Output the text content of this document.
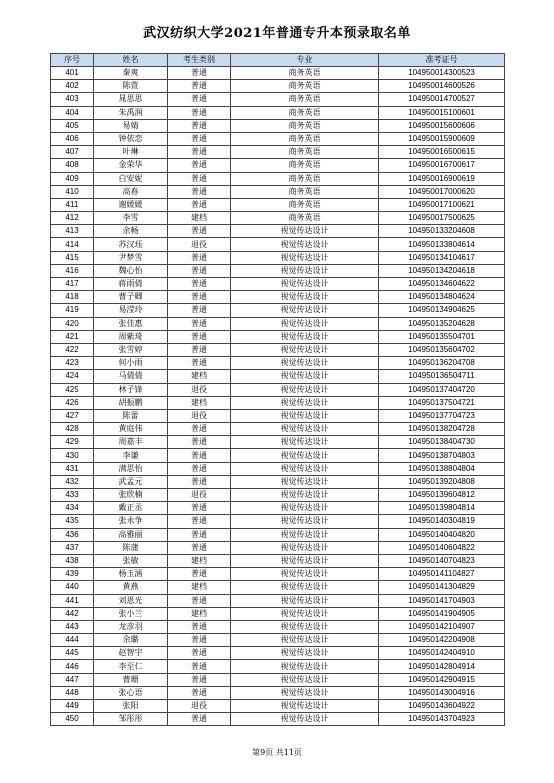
武汉纺织大学2021年普通专升本预录取名单
序号	姓名	考生类别	专业	准考证号
401	秦爽	普通	商务英语	104950014300523
402	陈萱	普通	商务英语	104950014600526
403	晁思思	普通	商务英语	104950014700527
404	朱禹润	普通	商务英语	104950015100601
405	易婧	普通	商务英语	104950015600606
406	钟依恋	普通	商务英语	104950015900609
407	叶琳	普通	商务英语	104950016500615
408	金荣华	普通	商务英语	104950016700617
409	白安妮	普通	商务英语	104950016900619
410	高春	普通	商务英语	104950017000620
411	谢媛媛	普通	商务英语	104950017100621
412	李雪	建档	商务英语	104950017500625
413	余畅	普通	视觉传达设计	104950133204608
414	苏汉珏	退役	视觉传达设计	104950133804614
415	尹梦雪	普通	视觉传达设计	104950134104617
416	魏心怡	普通	视觉传达设计	104950134204618
417	蒋雨倩	普通	视觉传达设计	104950134604622
418	曹子卿	普通	视觉传达设计	104950134804624
419	易滢玲	普通	视觉传达设计	104950134904625
420	张佳惠	普通	视觉传达设计	104950135204628
421	周紫琦	普通	视觉传达设计	104950135504701
422	张雪婷	普通	视觉传达设计	104950135604702
423	何小雨	普通	视觉传达设计	104950136204708
424	马倩倩	建档	视觉传达设计	104950136504711
425	林子锋	退役	视觉传达设计	104950137404720
426	胡振鹏	建档	视觉传达设计	104950137504721
427	陈蕾	退役	视觉传达设计	104950137704723
428	黄庭伟	普通	视觉传达设计	104950138204728
429	周嘉丰	普通	视觉传达设计	104950138404730
430	李谦	普通	视觉传达设计	104950138704803
431	满思怡	普通	视觉传达设计	104950138804804
432	武孟元	普通	视觉传达设计	104950139204808
433	张欣楠	退役	视觉传达设计	104950139604812
434	戴正丞	普通	视觉传达设计	104950139804814
435	张永争	普通	视觉传达设计	104950140304819
436	高雅丽	普通	视觉传达设计	104950140404820
437	陈蒲	普通	视觉传达设计	104950140604822
438	张敏	建档	视觉传达设计	104950140704823
439	杨玉涵	普通	视觉传达设计	104950141104827
440	黄燕	建档	视觉传达设计	104950141304829
441	刘恩光	普通	视觉传达设计	104950141704903
442	张小兰	建档	视觉传达设计	104950141904905
443	龙彦羽	普通	视觉传达设计	104950142104907
444	余璐	普通	视觉传达设计	104950142204908
445	赵智宇	普通	视觉传达设计	104950142404910
446	李至仁	普通	视觉传达设计	104950142804914
447	曹珊	普通	视觉传达设计	104950142904915
448	张心语	普通	视觉传达设计	104950143004916
449	张阳	退役	视觉传达设计	104950143604922
450	邹彤彤	普通	视觉传达设计	104950143704923
第9页 共11页
